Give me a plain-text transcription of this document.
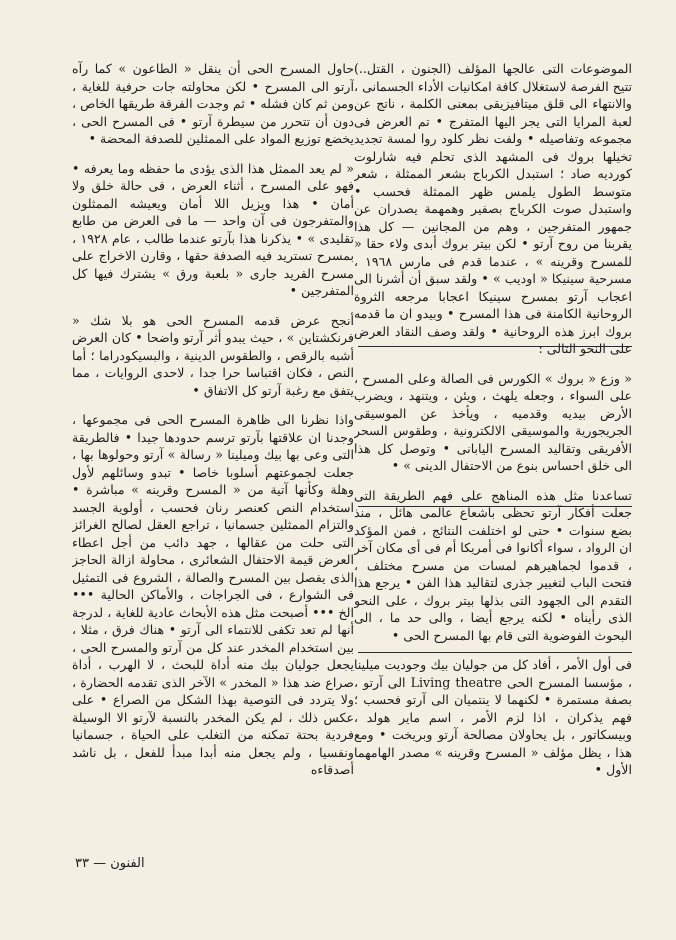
الموضوعات التى عالجها المؤلف (الجنون ، القتل..) تتيح الفرصة لاستغلال كافة امكانيات الأداء الجسمانى ، والانتهاء الى قلق ميتافيزيقى بمعنى الكلمة ، ناتج عن لعبة المرايا التى يجر اليها المتفرج • تم العرض فى مجموعه وتفاصيله • ولفت نظر كلود روا لمسة تجديد تخيلها بروك فى المشهد الذى تحلم فيه شارلوت كورديه صاد ؛ استبدل الكرباج بشعر الممثلة ، شعر متوسط الطول يلمس ظهر الممثلة فحسب • واستبدل صوت الكرباج بصفير وهمهمة يصدران عن جمهور المتفرجين ، وهم من المجانين — كل هذا يقربنا من روح آرتو • لكن بيتر بروك أبدى ولاء حقا « للمسرح وقرينه » ، عندما قدم فى مارس ١٩٦٨ ، مسرحية سينيكا « اوديب » • ولقد سبق أن أشرنا الى اعجاب آرتو بمسرح سينيكا اعجابا مرجعه الثروة الروحانية الكامنة فى هذا المسرح • وبيدو ان ما قدمه بروك ابرز هذه الروحانية • ولقد وصف النقاد العرض على النحو التالى :

« وزع « بروك » الكورس فى الصالة وعلى المسرح ، على السواء ، وجعله يلهث ، ويئن ، ويتنهد ، ويضرب الأرض بيديه وقدميه ، ويأخذ عن الموسيقى الجريجورية والموسيقى الالكترونية ، وطقوس السحر الأفريقى وتقاليد المسرح اليابانى • وتوصل كل هذا الى خلق احساس بنوع من الاحتفال الدينى » •

تساعدنا مثل هذه المناهج على فهم الطريقة التى جعلت أفكار آرتو تحظى باشعاع عالمى هائل ، منذ بضع سنوات • حتى لو اختلفت النتائج ، فمن المؤكد ان الرواد ، سواء أكانوا فى أمريكا أم فى أى مكان آخر ، قدموا لجماهيرهم لمسات من مسرح مختلف ، فتحت الباب لتغيير جذرى لتقاليد هذا الفن • يرجع هذا التقدم الى الجهود التى بذلها بيتر بروك ، على النحو الذى رأيناه • لكنه يرجع أيضا ، والى حد ما ، الى البحوث الفوضوية التى قام بها المسرح الحى •

فى أول الأمر ، أفاد كل من جوليان بيك وجوديت ميلينا ، مؤسسا المسرح الحى Living theatre الى آرتو ، بصفة مستمرة • لكنهما لا ينتميان الى آرتو فحسب ؛ فهم يذكران ، اذا لزم الأمر ، اسم ماير هولد ، وبيسكاتور ، بل يحاولان مصالحة آرتو وبريخت • ومع هذا ، يظل مؤلف « المسرح وقرينه » مصدر الهامهما الأول •

حاول المسرح الحى أن ينقل « الطاعون » كما رآه آرتو الى المسرح • لكن محاولته جات حرفية للغاية ، ومن ثم كان فشله • ثم وجدت الفرقة طريقها الخاص ، دون أن تتحرر من سيطرة آرتو • فى المسرح الحى ، يخضع توزيع المواد على الممثلين للصدفة المحضة •

« لم يعد الممثل هذا الذى يؤدى ما حفظه وما يعرفه • فهو على المسرح ، أثناء العرض ، فى حالة خلق ولا أمان • هذا ويزيل اللا أمان ويعيشه الممثلون والمتفرجون فى آن واحد — ما فى العرض من طابع تقليدى » • يذكرنا هذا بآرتو عندما طالب ، عام ١٩٢٨ ، بمسرح تستريد فيه الصدفة حقها ، وقارن الاخراج على مسرح الفريد جارى « بلعبة ورق » يشترك فيها كل المتفرجين •

أنجح عرض قدمه المسرح الحى هو بلا شك « فرنكشتاين » ، حيث يبدو أثر آرتو واضحا • كان العرض أشبه بالرقص ، والطقوس الدينية ، والبسيكودراما ؛ أما النص ، فكان اقتباسا حرا جدا ، لاحدى الروايات ، مما يتفق مع رغبة آرتو كل الاتفاق •

واذا نظرنا الى ظاهرة المسرح الحى فى مجموعها ، وجدنا ان علاقتها بآرتو ترسم حدودها جيدا • فالطريقة التى وعى بها بيك وميلينا « رسالة » آرتو وحولوها بها ، جعلت لجموعتهم أسلوبا خاصا • تبدو وسائلهم لأول وهلة وكأنها آتية من « المسرح وقرينه » مباشرة • استخدام النص كعنصر رنان فحسب ، أولوية الجسد والتزام الممثلين جسمانيا ، تراجع العقل لصالح الغرائز التى حلت من عقالها ، جهد دائب من أجل اعطاء العرض قيمة الاحتفال الشعائرى ، محاولة ازالة الحاجز الذى يفصل بين المسرح والصالة ، الشروع فى التمثيل فى الشوارع ، فى الجراجات ، والأماكن الحالية ••• الخ ••• أصبحت مثل هذه الأبحاث عادية للغاية ، لدرجة أنها لم تعد تكفى للانتماء الى آرتو • هناك فرق ، مثلا ، بين استخدام المخدر عند كل من آرتو والمسرح الحى ، يجعل جوليان بيك منه أداة للبحث ، لا الهرب ، أداة صراع ضد هذا « المخدر » الآخر الذى تقدمه الحضارة ، ولا يتردد فى التوصية بهذا الشكل من الصراع • على عكس ذلك ، لم يكن المخدر بالنسبة لآرتو الا الوسيلة فردية بحتة تمكنه من التغلب على الحياة ، جسمانيا ونفسيا ، ولم يجعل منه أبدا مبدأ للفعل ، بل ناشد أصدقاءه

الفنون — ٣٣
